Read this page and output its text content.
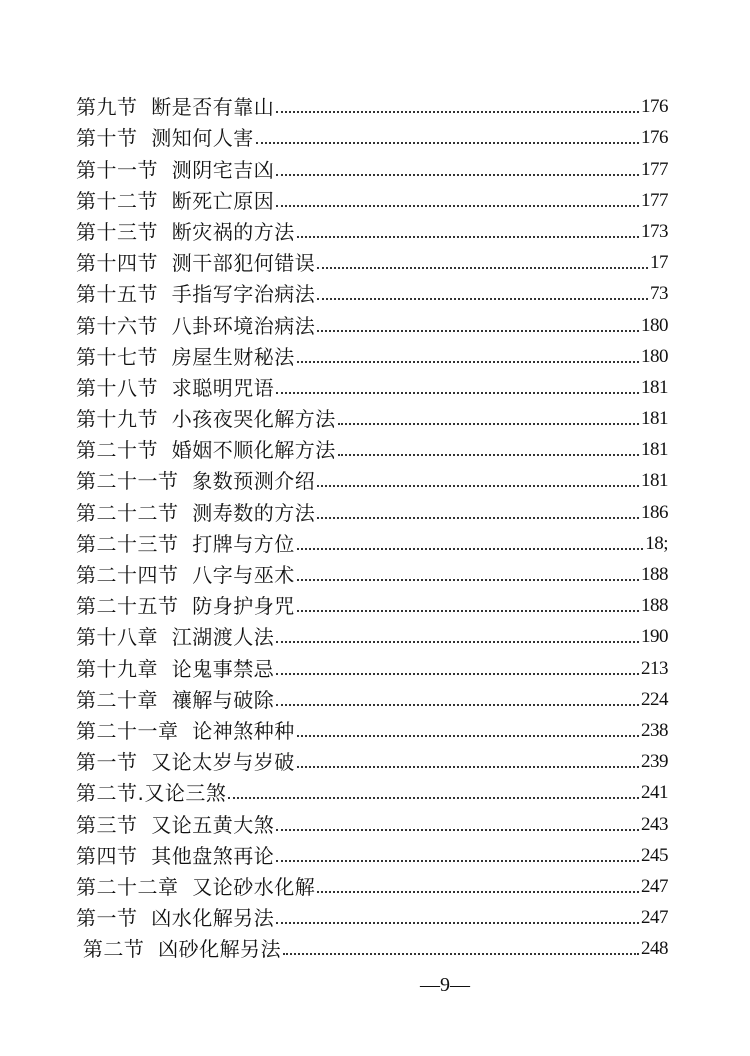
第九节  断是否有靠山	176
第十节  测知何人害	176
第十一节  测阴宅吉凶	177
第十二节  断死亡原因	177
第十三节  断灾祸的方法	173
第十四节  测干部犯何错误	17
第十五节  手指写字治病法	73
第十六节  八卦环境治病法	180
第十七节  房屋生财秘法	180
第十八节  求聪明咒语	181
第十九节  小孩夜哭化解方法	181
第二十节  婚姻不顺化解方法	181
第二十一节  象数预测介绍	181
第二十二节  测寿数的方法	186
第二十三节  打牌与方位	18;
第二十四节  八字与巫术	188
第二十五节  防身护身咒	188
第十八章  江湖渡人法	190
第十九章  论鬼事禁忌	213
第二十章  禳解与破除	224
第二十一章  论神煞种种	238
第一节  又论太岁与岁破	239
第二节.又论三煞	241
第三节  又论五黄大煞	243
第四节  其他盘煞再论	245
第二十二章  又论砂水化解	247
第一节  凶水化解另法	247
第二节  凶砂化解另法	248
—9—
